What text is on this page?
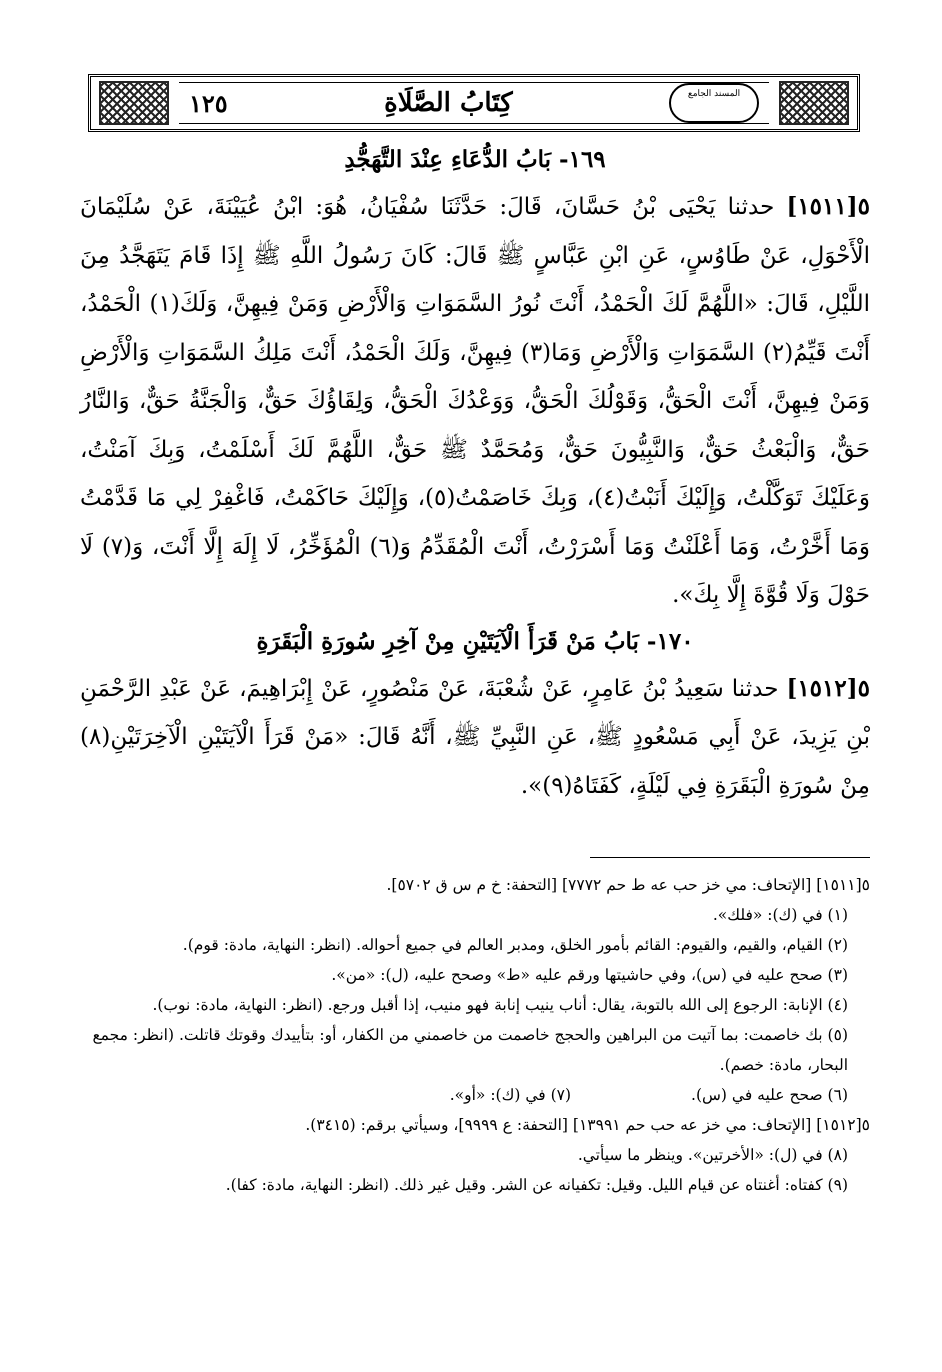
١٢٥	كِتَابُ الصَّلَاةِ	المسند الجامع
١٦٩- بَابُ الدُّعَاءِ عِنْدَ التَّهَجُّدِ

٥[١٥١١] حدثنا يَحْيَى بْنُ حَسَّانَ، قَالَ: حَدَّثَنَا سُفْيَانُ، هُوَ: ابْنُ عُيَيْنَةَ، عَنْ سُلَيْمَانَ الْأَحْوَلِ، عَنْ طَاوُسٍ، عَنِ ابْنِ عَبَّاسٍ ﷺ قَالَ: كَانَ رَسُولُ اللَّهِ ﷺ إِذَا قَامَ يَتَهَجَّدُ مِنَ اللَّيْلِ، قَالَ: «اللَّهُمَّ لَكَ الْحَمْدُ، أَنْتَ نُورُ السَّمَوَاتِ وَالْأَرْضِ وَمَنْ فِيهِنَّ، وَلَكَ(١) الْحَمْدُ، أَنْتَ قَيِّمُ(٢) السَّمَوَاتِ وَالْأَرْضِ وَمَا(٣) فِيهِنَّ، وَلَكَ الْحَمْدُ، أَنْتَ مَلِكُ السَّمَوَاتِ وَالْأَرْضِ وَمَنْ فِيهِنَّ، أَنْتَ الْحَقُّ، وَقَوْلُكَ الْحَقُّ، وَوَعْدُكَ الْحَقُّ، وَلِقَاؤُكَ حَقٌّ، وَالْجَنَّةُ حَقٌّ، وَالنَّارُ حَقٌّ، وَالْبَعْثُ حَقٌّ، وَالنَّبِيُّونَ حَقٌّ، وَمُحَمَّدٌ ﷺ حَقٌّ، اللَّهُمَّ لَكَ أَسْلَمْتُ، وَبِكَ آمَنْتُ، وَعَلَيْكَ تَوَكَّلْتُ، وَإِلَيْكَ أَنَبْتُ(٤)، وَبِكَ خَاصَمْتُ(٥)، وَإِلَيْكَ حَاكَمْتُ، فَاغْفِرْ لِي مَا قَدَّمْتُ وَمَا أَخَّرْتُ، وَمَا أَعْلَنْتُ وَمَا أَسْرَرْتُ، أَنْتَ الْمُقَدِّمُ وَ(٦) الْمُؤَخِّرُ، لَا إِلَهَ إِلَّا أَنْتَ، وَ(٧) لَا حَوْلَ وَلَا قُوَّةَ إِلَّا بِكَ».

١٧٠- بَابُ مَنْ قَرَأَ الْآيَتَيْنِ مِنْ آخِرِ سُورَةِ الْبَقَرَةِ

٥[١٥١٢] حدثنا سَعِيدُ بْنُ عَامِرٍ، عَنْ شُعْبَةَ، عَنْ مَنْصُورٍ، عَنْ إِبْرَاهِيمَ، عَنْ عَبْدِ الرَّحْمَنِ بْنِ يَزِيدَ، عَنْ أَبِي مَسْعُودٍ ﷺ، عَنِ النَّبِيِّ ﷺ، أَنَّهُ قَالَ: «مَنْ قَرَأَ الْآيَتَيْنِ الْآخِرَتَيْنِ(٨) مِنْ سُورَةِ الْبَقَرَةِ فِي لَيْلَةٍ، كَفَتَاهُ(٩)».

٥[١٥١١] [الإتحاف: مي خز حب عه ط حم ٧٧٧٢] [التحفة: خ م س ق ٥٧٠٢].

(١) في (ك): «فلك».

(٢) القيام، والقيم، والقيوم: القائم بأمور الخلق، ومدبر العالم في جميع أحواله. (انظر: النهاية، مادة: قوم).

(٣) صحح عليه في (س)، وفي حاشيتها ورقم عليه «ط» وصحح عليه، (ل): «من».

(٤) الإنابة: الرجوع إلى الله بالتوبة، يقال: أناب ينيب إنابة فهو منيب، إذا أقبل ورجع. (انظر: النهاية، مادة: نوب).

(٥) بك خاصمت: بما آتيت من البراهين والحجج خاصمت من خاصمني من الكفار، أو: بتأييدك وقوتك قاتلت. (انظر: مجمع البحار، مادة: خصم).

(٦) صحح عليه في (س).
(٧) في (ك): «أو».

٥[١٥١٢] [الإتحاف: مي خز عه حب حم ١٣٩٩١] [التحفة: ع ٩٩٩٩]، وسيأتي برقم: (٣٤١٥).

(٨) في (ل): «الأخرتين». وينظر ما سيأتي.

(٩) كفتاه: أغنتاه عن قيام الليل. وقيل: تكفيانه عن الشر. وقيل غير ذلك. (انظر: النهاية، مادة: كفا).
